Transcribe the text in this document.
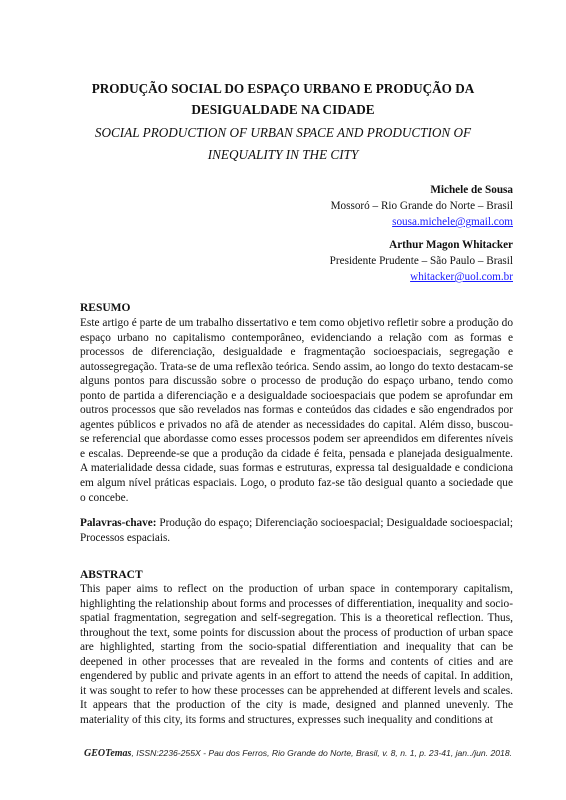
PRODUÇÃO SOCIAL DO ESPAÇO URBANO E PRODUÇÃO DA DESIGUALDADE NA CIDADE
SOCIAL PRODUCTION OF URBAN SPACE AND PRODUCTION OF INEQUALITY IN THE CITY
Michele de Sousa
Mossoró – Rio Grande do Norte – Brasil
sousa.michele@gmail.com
Arthur Magon Whitacker
Presidente Prudente – São Paulo – Brasil
whitacker@uol.com.br
RESUMO
Este artigo é parte de um trabalho dissertativo e tem como objetivo refletir sobre a produção do espaço urbano no capitalismo contemporâneo, evidenciando a relação com as formas e processos de diferenciação, desigualdade e fragmentação socioespaciais, segregação e autossegregação. Trata-se de uma reflexão teórica. Sendo assim, ao longo do texto destacam-se alguns pontos para discussão sobre o processo de produção do espaço urbano, tendo como ponto de partida a diferenciação e a desigualdade socioespaciais que podem se aprofundar em outros processos que são revelados nas formas e conteúdos das cidades e são engendrados por agentes públicos e privados no afã de atender as necessidades do capital. Além disso, buscou-se referencial que abordasse como esses processos podem ser apreendidos em diferentes níveis e escalas. Depreende-se que a produção da cidade é feita, pensada e planejada desigualmente. A materialidade dessa cidade, suas formas e estruturas, expressa tal desigualdade e condiciona em algum nível práticas espaciais. Logo, o produto faz-se tão desigual quanto a sociedade que o concebe.
Palavras-chave: Produção do espaço; Diferenciação socioespacial; Desigualdade socioespacial; Processos espaciais.
ABSTRACT
This paper aims to reflect on the production of urban space in contemporary capitalism, highlighting the relationship about forms and processes of differentiation, inequality and socio-spatial fragmentation, segregation and self-segregation. This is a theoretical reflection. Thus, throughout the text, some points for discussion about the process of production of urban space are highlighted, starting from the socio-spatial differentiation and inequality that can be deepened in other processes that are revealed in the forms and contents of cities and are engendered by public and private agents in an effort to attend the needs of capital. In addition, it was sought to refer to how these processes can be apprehended at different levels and scales. It appears that the production of the city is made, designed and planned unevenly. The materiality of this city, its forms and structures, expresses such inequality and conditions at
GEOTemas, ISSN:2236-255X - Pau dos Ferros, Rio Grande do Norte, Brasil, v. 8, n. 1, p. 23-41, jan../jun. 2018.
